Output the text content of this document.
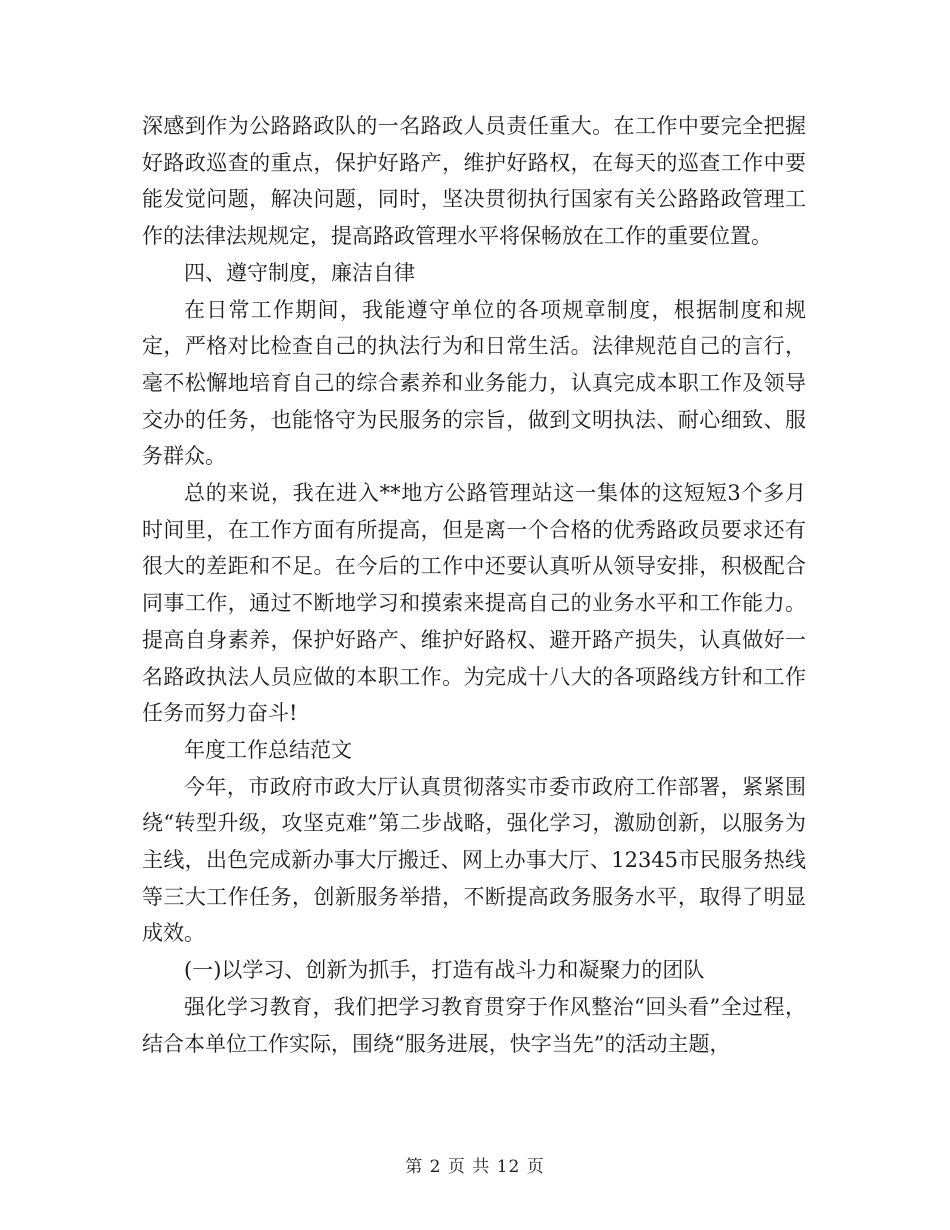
深感到作为公路路政队的一名路政人员责任重大。在工作中要完全把握好路政巡查的重点，保护好路产，维护好路权，在每天的巡查工作中要能发觉问题，解决问题，同时，坚决贯彻执行国家有关公路路政管理工作的法律法规规定，提高路政管理水平将保畅放在工作的重要位置。

四、遵守制度，廉洁自律

在日常工作期间，我能遵守单位的各项规章制度，根据制度和规定，严格对比检查自己的执法行为和日常生活。法律规范自己的言行，毫不松懈地培育自己的综合素养和业务能力，认真完成本职工作及领导交办的任务，也能恪守为民服务的宗旨，做到文明执法、耐心细致、服务群众。

总的来说，我在进入**地方公路管理站这一集体的这短短3个多月时间里，在工作方面有所提高，但是离一个合格的优秀路政员要求还有很大的差距和不足。在今后的工作中还要认真听从领导安排，积极配合同事工作，通过不断地学习和摸索来提高自己的业务水平和工作能力。提高自身素养，保护好路产、维护好路权、避开路产损失，认真做好一名路政执法人员应做的本职工作。为完成十八大的各项路线方针和工作任务而努力奋斗!

年度工作总结范文

今年，市政府市政大厅认真贯彻落实市委市政府工作部署，紧紧围绕“转型升级，攻坚克难”第二步战略，强化学习，激励创新，以服务为主线，出色完成新办事大厅搬迁、网上办事大厅、12345市民服务热线等三大工作任务，创新服务举措，不断提高政务服务水平，取得了明显成效。

(一)以学习、创新为抓手，打造有战斗力和凝聚力的团队

强化学习教育，我们把学习教育贯穿于作风整治“回头看”全过程，结合本单位工作实际，围绕“服务进展，快字当先”的活动主题，

第 2 页 共 12 页
